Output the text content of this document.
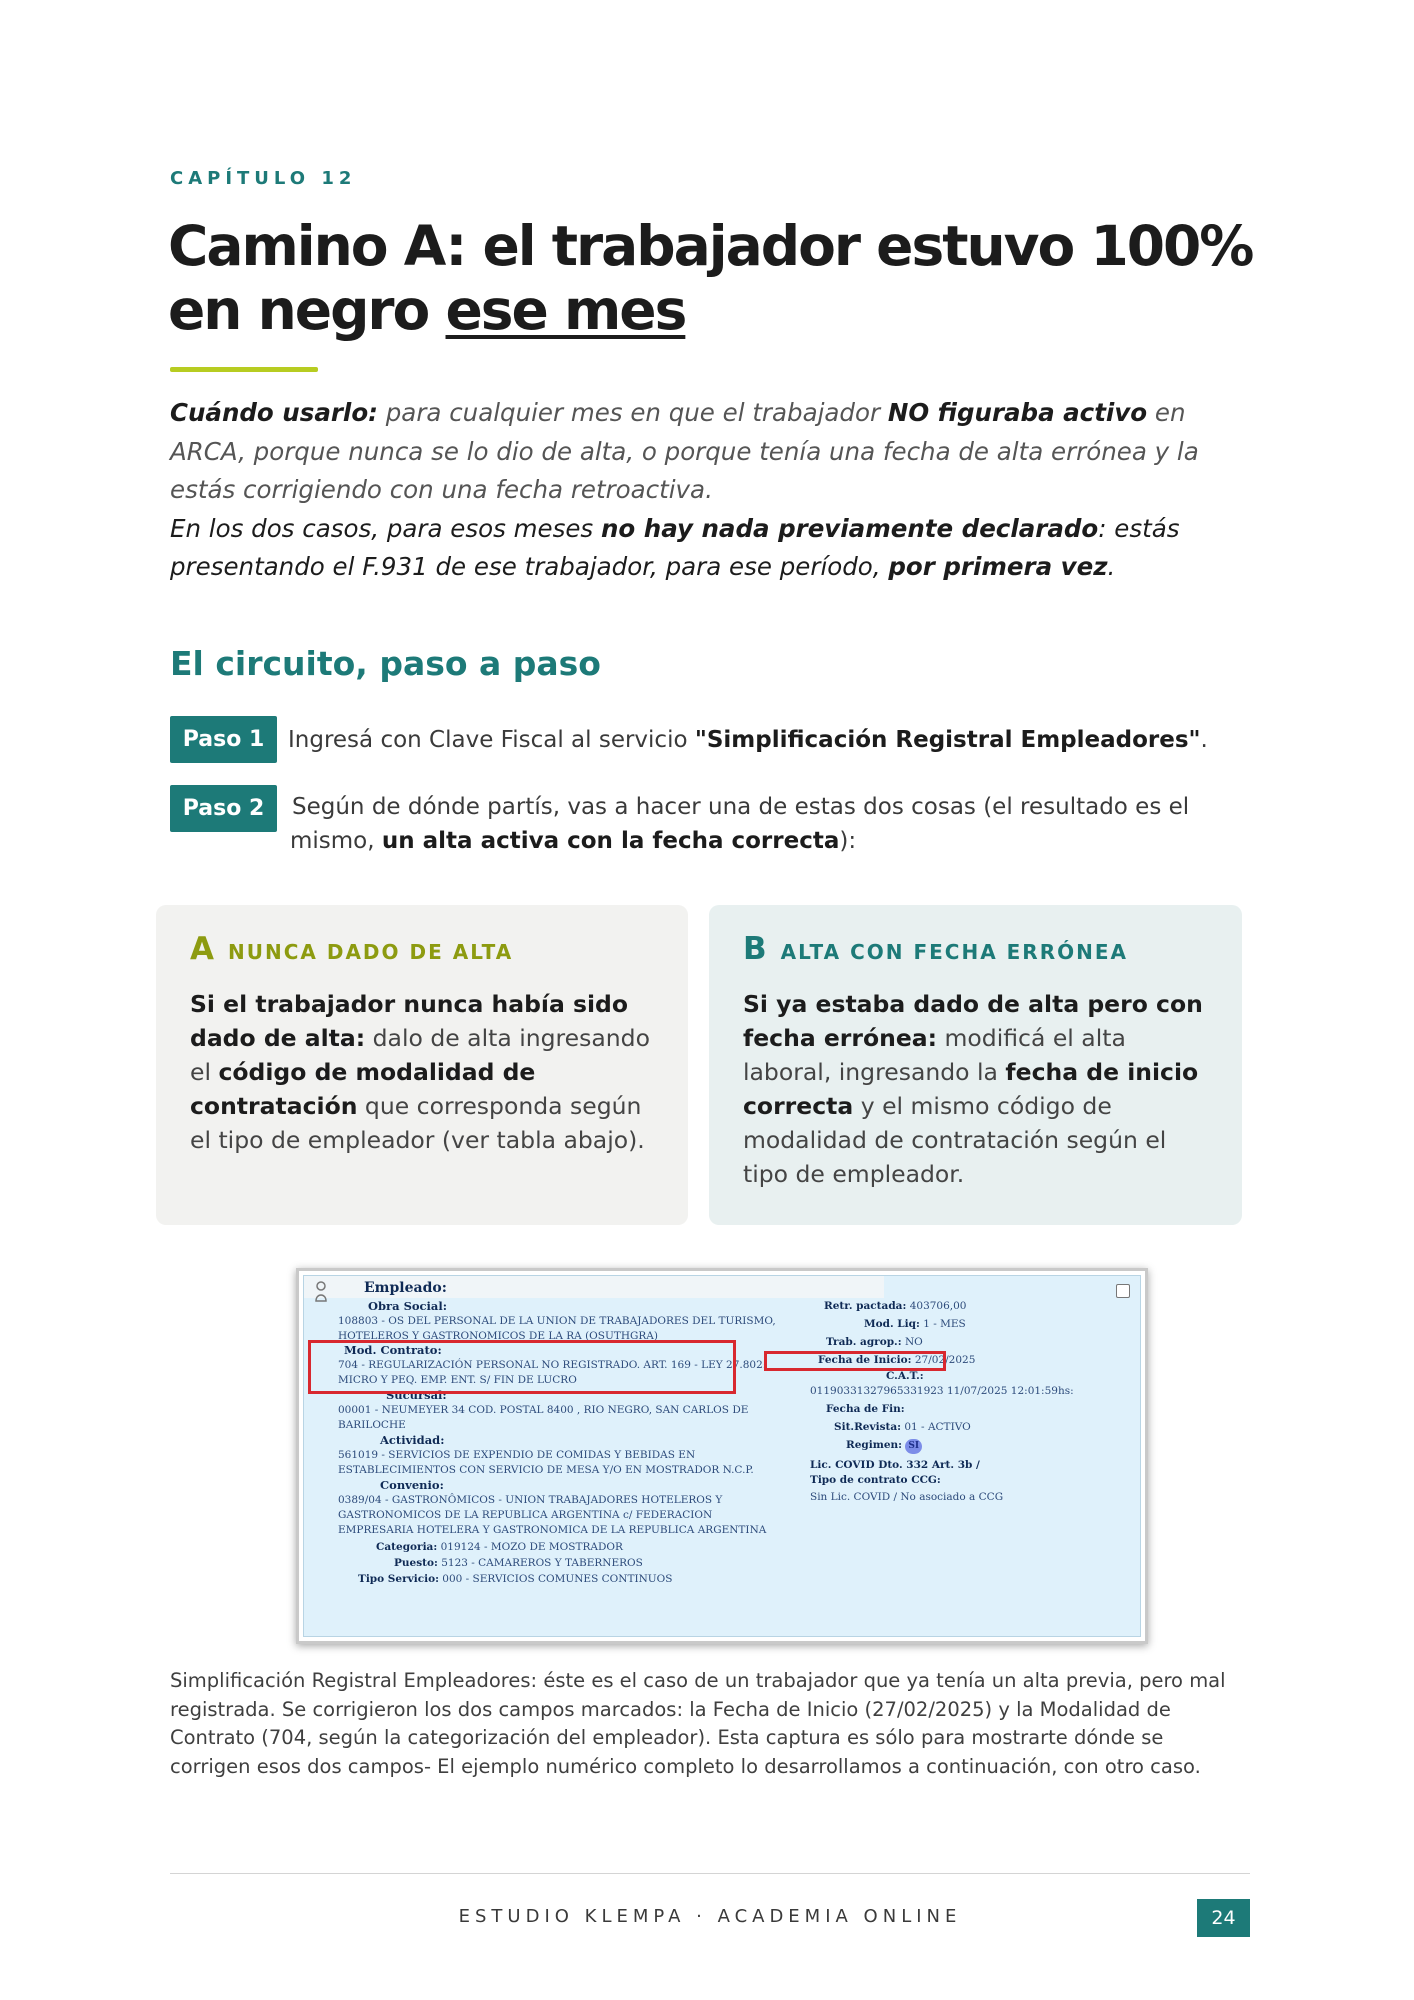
CAPÍTULO 12
Camino A: el trabajador estuvo 100% en negro ese mes
Cuándo usarlo: para cualquier mes en que el trabajador NO figuraba activo en ARCA, porque nunca se lo dio de alta, o porque tenía una fecha de alta errónea y la estás corrigiendo con una fecha retroactiva.
En los dos casos, para esos meses no hay nada previamente declarado: estás presentando el F.931 de ese trabajador, para ese período, por primera vez.
El circuito, paso a paso
Paso 1	Ingresá con Clave Fiscal al servicio "Simplificación Registral Empleadores".
Paso 2	Según de dónde partís, vas a hacer una de estas dos cosas (el resultado es el mismo, un alta activa con la fecha correcta):
A NUNCA DADO DE ALTA
Si el trabajador nunca había sido dado de alta: dalo de alta ingresando el código de modalidad de contratación que corresponda según el tipo de empleador (ver tabla abajo).
B ALTA CON FECHA ERRÓNEA
Si ya estaba dado de alta pero con fecha errónea: modificá el alta laboral, ingresando la fecha de inicio correcta y el mismo código de modalidad de contratación según el tipo de empleador.
Empleado:
Obra Social:
108803 - OS DEL PERSONAL DE LA UNION DE TRABAJADORES DEL TURISMO, HOTELEROS Y GASTRONOMICOS DE LA RA (OSUTHGRA)
Mod. Contrato:
704 - REGULARIZACIÓN PERSONAL NO REGISTRADO. ART. 169 - LEY 27.802: MICRO Y PEQ. EMP. ENT. S/ FIN DE LUCRO
Sucursal:
00001 - NEUMEYER 34 COD. POSTAL 8400 , RIO NEGRO, SAN CARLOS DE BARILOCHE
Actividad:
561019 - SERVICIOS DE EXPENDIO DE COMIDAS Y BEBIDAS EN ESTABLECIMIENTOS CON SERVICIO DE MESA Y/O EN MOSTRADOR N.C.P.
Convenio:
0389/04 - GASTRONÔMICOS - UNION TRABAJADORES HOTELEROS Y GASTRONOMICOS DE LA REPUBLICA ARGENTINA c/ FEDERACION EMPRESARIA HOTELERA Y GASTRONOMICA DE LA REPUBLICA ARGENTINA
Categoria: 019124 - MOZO DE MOSTRADOR
Puesto: 5123 - CAMAREROS Y TABERNEROS
Tipo Servicio: 000 - SERVICIOS COMUNES CONTINUOS
Retr. pactada: 403706,00
Mod. Liq: 1 - MES
Trab. agrop.: NO
Fecha de Inicio: 27/02/2025
C.A.T.:
01190331327965331923 11/07/2025 12:01:59hs:
Fecha de Fin:
Sit.Revista: 01 - ACTIVO
Regimen: SI
Lic. COVID Dto. 332 Art. 3b /
Tipo de contrato CCG:
Sin Lic. COVID / No asociado a CCG
Simplificación Registral Empleadores: éste es el caso de un trabajador que ya tenía un alta previa, pero mal registrada. Se corrigieron los dos campos marcados: la Fecha de Inicio (27/02/2025) y la Modalidad de Contrato (704, según la categorización del empleador). Esta captura es sólo para mostrarte dónde se corrigen esos dos campos- El ejemplo numérico completo lo desarrollamos a continuación, con otro caso.
ESTUDIO KLEMPA · ACADEMIA ONLINE	24
